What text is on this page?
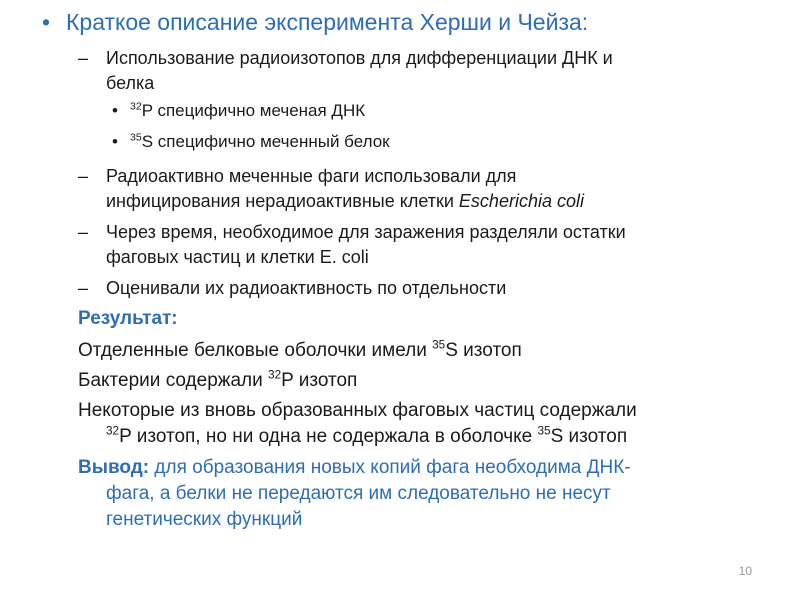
• Краткое описание эксперимента Херши и Чейза:
– Использование радиоизотопов для дифференциации ДНК и
белка
• $^{32}$P специфично мечeная ДНК
• $^{35}$S специфично меченный белок
– Радиоактивно меченные фаги использовали для
инфицирования нерадиоактивные клетки Escherichia coli
– Через время, необходимое для заражения разделяли остатки
фаговых частиц и клетки E. coli
– Оценивали их радиоактивность по отдельности
Результат:
Отделенные белковые оболочки имели $^{35}$S изотоп
Бактерии содержали $^{32}$P изотоп
Некоторые из вновь образованных фаговых частиц содержали
$^{32}$P изотоп, но ни одна не содержала в оболочке $^{35}$S изотоп
Вывод: для образования новых копий фага необходима ДНК-
фага, а белки не передаются им следовательно не несут
генетических функций
10
